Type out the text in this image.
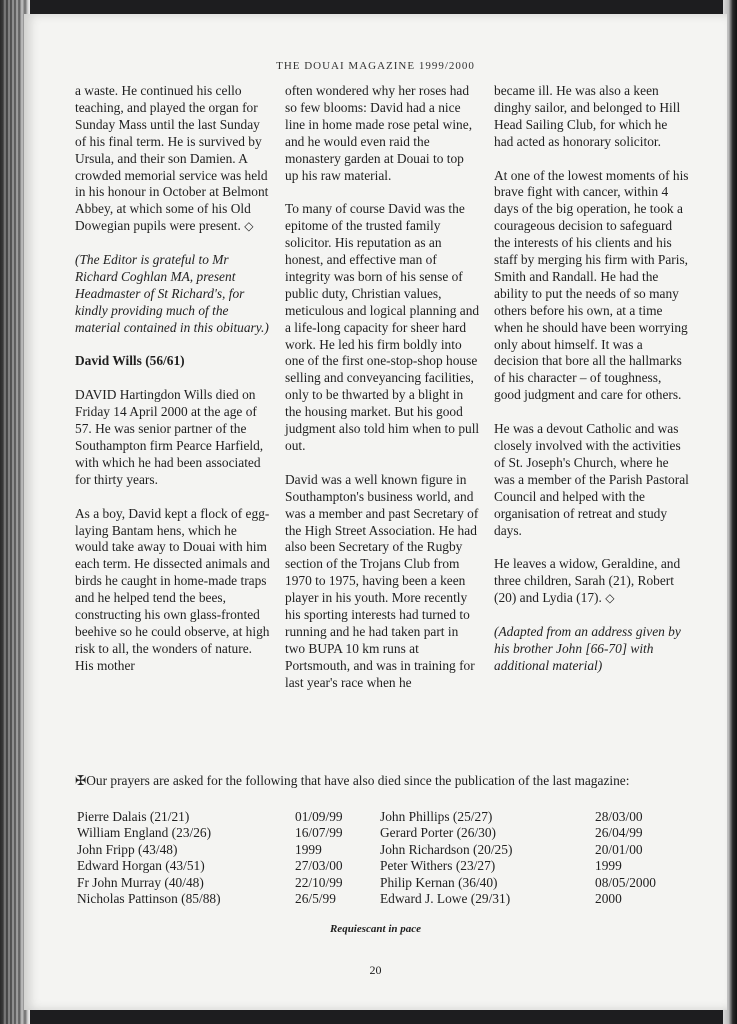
THE DOUAI MAGAZINE 1999/2000

a waste. He continued his cello teaching, and played the organ for Sunday Mass until the last Sunday of his final term. He is survived by Ursula, and their son Damien. A crowded memorial service was held in his honour in October at Belmont Abbey, at which some of his Old Dowegian pupils were present. ◇

(The Editor is grateful to Mr Richard Coghlan MA, present Headmaster of St Richard's, for kindly providing much of the material contained in this obituary.)

David Wills (56/61)

DAVID Hartingdon Wills died on Friday 14 April 2000 at the age of 57. He was senior partner of the Southampton firm Pearce Harfield, with which he had been associated for thirty years.

As a boy, David kept a flock of egg-laying Bantam hens, which he would take away to Douai with him each term. He dissected animals and birds he caught in home-made traps and he helped tend the bees, constructing his own glass-fronted beehive so he could observe, at high risk to all, the wonders of nature. His mother

often wondered why her roses had so few blooms: David had a nice line in home made rose petal wine, and he would even raid the monastery garden at Douai to top up his raw material.

To many of course David was the epitome of the trusted family solicitor. His reputation as an honest, and effective man of integrity was born of his sense of public duty, Christian values, meticulous and logical planning and a life-long capacity for sheer hard work. He led his firm boldly into one of the first one-stop-shop house selling and conveyancing facilities, only to be thwarted by a blight in the housing market. But his good judgment also told him when to pull out.

David was a well known figure in Southampton's business world, and was a member and past Secretary of the High Street Association. He had also been Secretary of the Rugby section of the Trojans Club from 1970 to 1975, having been a keen player in his youth. More recently his sporting interests had turned to running and he had taken part in two BUPA 10 km runs at Portsmouth, and was in training for last year's race when he

became ill. He was also a keen dinghy sailor, and belonged to Hill Head Sailing Club, for which he had acted as honorary solicitor.

At one of the lowest moments of his brave fight with cancer, within 4 days of the big operation, he took a courageous decision to safeguard the interests of his clients and his staff by merging his firm with Paris, Smith and Randall. He had the ability to put the needs of so many others before his own, at a time when he should have been worrying only about himself. It was a decision that bore all the hallmarks of his character – of toughness, good judgment and care for others.

He was a devout Catholic and was closely involved with the activities of St. Joseph's Church, where he was a member of the Parish Pastoral Council and helped with the organisation of retreat and study days.

He leaves a widow, Geraldine, and three children, Sarah (21), Robert (20) and Lydia (17). ◇

(Adapted from an address given by his brother John [66-70] with additional material)

✠Our prayers are asked for the following that have also died since the publication of the last magazine:
Pierre Dalais (21/21)
William England (23/26)
John Fripp (43/48)
Edward Horgan (43/51)
Fr John Murray (40/48)
Nicholas Pattinson (85/88)
01/09/99
16/07/99
1999
27/03/00
22/10/99
26/5/99
John Phillips (25/27)
Gerard Porter (26/30)
John Richardson (20/25)
Peter Withers (23/27)
Philip Kernan (36/40)
Edward J. Lowe (29/31)
28/03/00
26/04/99
20/01/00
1999
08/05/2000
2000
Requiescant in pace
20
